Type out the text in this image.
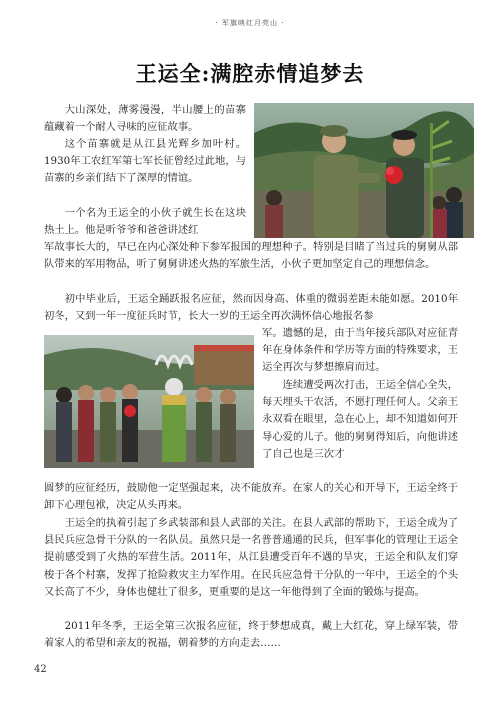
· 军旗映红月亮山 ·
王运全:满腔赤情追梦去

大山深处，薄雾漫漫，半山腰上的苗寨蕴藏着一个耐人寻味的应征故事。

这个苗寨就是从江县光辉乡加叶村。1930年工农红军第七军长征曾经过此地，与苗寨的乡亲们结下了深厚的情谊。

一个名为王运全的小伙子就生长在这块热土上。他是听爷爷和爸爸讲述红

军故事长大的，早已在内心深处种下参军报国的理想种子。特别是目睹了当过兵的舅舅从部队带来的军用物品，听了舅舅讲述火热的军旅生活，小伙子更加坚定自己的理想信念。

初中毕业后，王运全踊跃报名应征，然而因身高、体重的微弱差距未能如愿。2010年初冬，又到一年一度征兵时节，长大一岁的王运全再次满怀信心地报名参

军。遗憾的是，由于当年接兵部队对应征青年在身体条件和学历等方面的特殊要求，王运全再次与梦想擦肩而过。

连续遭受两次打击，王运全信心全失，每天埋头干农活，不愿打理任何人。父亲王永双看在眼里，急在心上，却不知道如何开导心爱的儿子。他的舅舅得知后，向他讲述了自己也是三次才

圆梦的应征经历，鼓励他一定坚强起来，决不能放弃。在家人的关心和开导下，王运全终于卸下心理包袱，决定从头再来。

王运全的执着引起了乡武装部和县人武部的关注。在县人武部的帮助下，王运全成为了县民兵应急骨干分队的一名队员。虽然只是一名普普通通的民兵，但军事化的管理让王运全提前感受到了火热的军营生活。2011年，从江县遭受百年不遇的旱灾，王运全和队友们穿梭于各个村寨，发挥了抢险救灾主力军作用。在民兵应急骨干分队的一年中，王运全的个头又长高了不少，身体也健壮了很多，更重要的是这一年他得到了全面的锻炼与提高。

2011年冬季，王运全第三次报名应征，终于梦想成真，戴上大红花，穿上绿军装，带着家人的希望和亲友的祝福，朝着梦的方向走去……

42
